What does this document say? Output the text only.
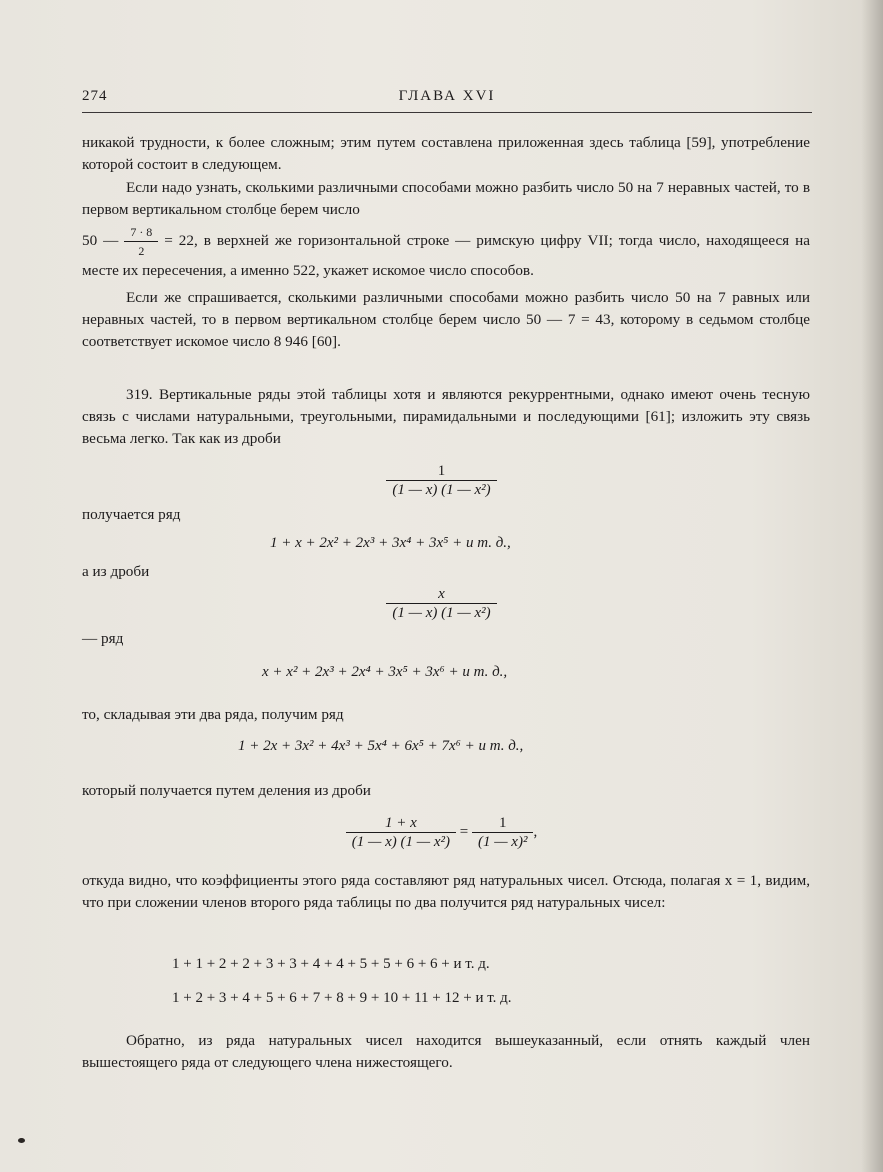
274	ГЛАВА XVI

никакой трудности, к более сложным; этим путем составлена приложенная здесь таблица [59], употребление которой состоит в следующем.

Если надо узнать, сколькими различными способами можно разбить число 50 на 7 неравных частей, то в первом вертикальном столбце берем число

50 — $\frac{7 \cdot 8}{2} = 22$, в верхней же горизонтальной строке — римскую цифру VII; тогда число, находящееся на месте их пересечения, а именно 522, укажет искомое число способов.

Если же спрашивается, сколькими различными способами можно разбить число 50 на 7 равных или неравных частей, то в первом вертикальном столбце берем число 50 — 7 = 43, которому в седьмом столбце соответствует искомое число 8 946 [60].

319. Вертикальные ряды этой таблицы хотя и являются рекуррентными, однако имеют очень тесную связь с числами натуральными, треугольными, пирамидальными и последующими [61]; изложить эту связь весьма легко. Так как из дроби

$\frac{1}{\text{(1 — x) (1 — x²)}}$
получается ряд
1 + x + 2x² + 2x³ + 3x⁴ + 3x⁵ + и т. д.,
а из дроби
$\frac{x}{\text{(1 — x) (1 — x²)}}$
— ряд
x + x² + 2x³ + 2x⁴ + 3x⁵ + 3x⁶ + и т. д.,
то, складывая эти два ряда, получим ряд
1 + 2x + 3x² + 4x³ + 5x⁴ + 6x⁵ + 7x⁶ + и т. д.,
который получается путем деления из дроби
$\frac{1 + x}{\text{(1 — x) (1 — x²)}} = \frac{1}{\text{(1 — x)²}}$ ,

откуда видно, что коэффициенты этого ряда составляют ряд натуральных чисел. Отсюда, полагая x = 1, видим, что при сложении членов второго ряда таблицы по два получится ряд натуральных чисел:

1 + 1 + 2 + 2 + 3 + 3 + 4 + 4 + 5 + 5 + 6 + 6 + и т. д.
1 + 2 + 3 + 4 + 5 + 6 + 7 + 8 + 9 + 10 + 11 + 12 + и т. д.

Обратно, из ряда натуральных чисел находится вышеуказанный, если отнять каждый член вышестоящего ряда от следующего члена нижестоящего.
